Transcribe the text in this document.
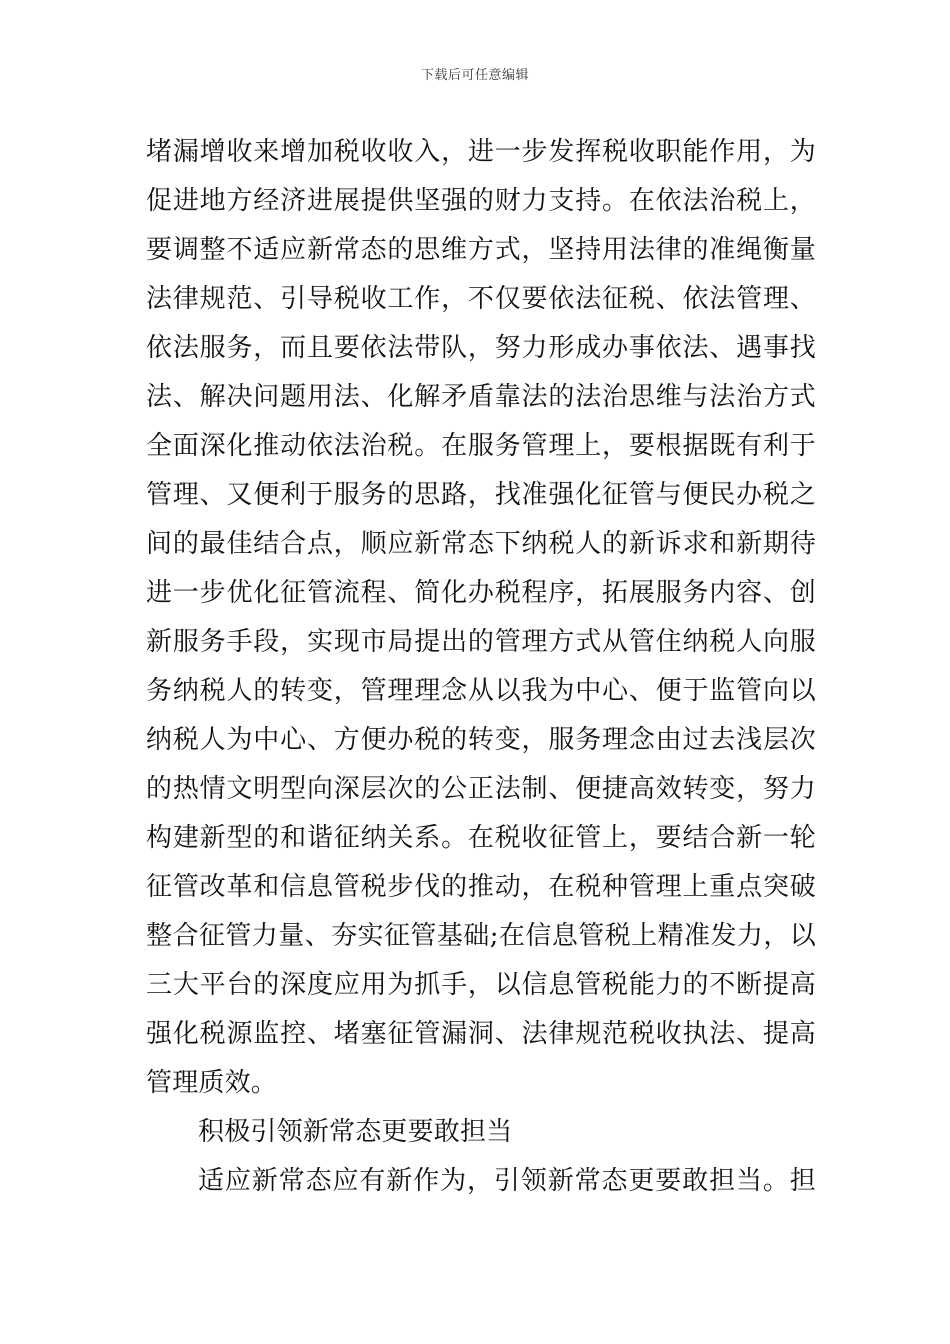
下载后可任意编辑
堵漏增收来增加税收收入，进一步发挥税收职能作用，为
促进地方经济进展提供坚强的财力支持。在依法治税上，
要调整不适应新常态的思维方式，坚持用法律的准绳衡量
法律规范、引导税收工作，不仅要依法征税、依法管理、
依法服务，而且要依法带队，努力形成办事依法、遇事找
法、解决问题用法、化解矛盾靠法的法治思维与法治方式
全面深化推动依法治税。在服务管理上，要根据既有利于
管理、又便利于服务的思路，找准强化征管与便民办税之
间的最佳结合点，顺应新常态下纳税人的新诉求和新期待
进一步优化征管流程、简化办税程序，拓展服务内容、创
新服务手段，实现市局提出的管理方式从管住纳税人向服
务纳税人的转变，管理理念从以我为中心、便于监管向以
纳税人为中心、方便办税的转变，服务理念由过去浅层次
的热情文明型向深层次的公正法制、便捷高效转变，努力
构建新型的和谐征纳关系。在税收征管上，要结合新一轮
征管改革和信息管税步伐的推动，在税种管理上重点突破
整合征管力量、夯实征管基础;在信息管税上精准发力，以
三大平台的深度应用为抓手，以信息管税能力的不断提高
强化税源监控、堵塞征管漏洞、法律规范税收执法、提高
管理质效。
积极引领新常态更要敢担当
适应新常态应有新作为，引领新常态更要敢担当。担
